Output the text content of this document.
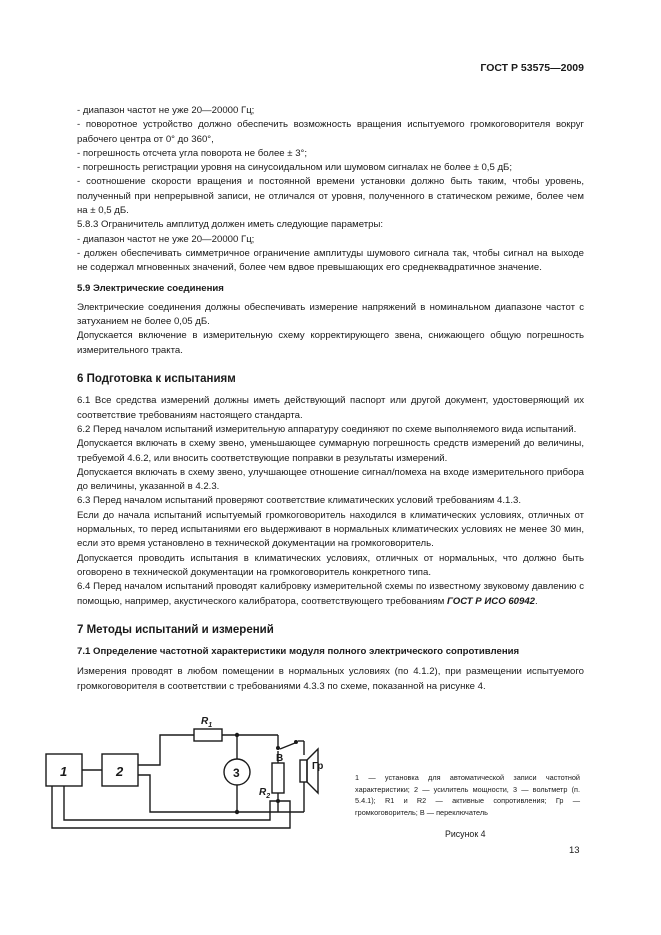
ГОСТ Р 53575—2009

- диапазон частот не уже 20—20000 Гц;

- поворотное устройство должно обеспечить возможность вращения испытуемого громкоговорителя вокруг рабочего центра от 0° до 360°,

- погрешность отсчета угла поворота не более ± 3°;

- погрешность регистрации уровня на синусоидальном или шумовом сигналах не более ± 0,5 дБ;

- соотношение скорости вращения и постоянной времени установки должно быть таким, чтобы уровень, полученный при непрерывной записи, не отличался от уровня, полученного в статическом режиме, более чем на ± 0,5 дБ.

5.8.3 Ограничитель амплитуд должен иметь следующие параметры:

- диапазон частот не уже 20—20000 Гц;

- должен обеспечивать симметричное ограничение амплитуды шумового сигнала так, чтобы сигнал на выходе не содержал мгновенных значений, более чем вдвое превышающих его среднеквадратичное значение.

5.9 Электрические соединения

Электрические соединения должны обеспечивать измерение напряжений в номинальном диапазоне частот с затуханием не более 0,05 дБ.

Допускается включение в измерительную схему корректирующего звена, снижающего общую погрешность измерительного тракта.

6 Подготовка к испытаниям

6.1 Все средства измерений должны иметь действующий паспорт или другой документ, удостоверяющий их соответствие требованиям настоящего стандарта.

6.2 Перед началом испытаний измерительную аппаратуру соединяют по схеме выполняемого вида испытаний.

Допускается включать в схему звено, уменьшающее суммарную погрешность средств измерений до величины, требуемой 4.6.2, или вносить соответствующие поправки в результаты измерений.

Допускается включать в схему звено, улучшающее отношение сигнал/помеха на входе измерительного прибора до величины, указанной в 4.2.3.

6.3 Перед началом испытаний проверяют соответствие климатических условий требованиям 4.1.3.

Если до начала испытаний испытуемый громкоговоритель находился в климатических условиях, отличных от нормальных, то перед испытаниями его выдерживают в нормальных климатических условиях не менее 30 мин, если это время установлено в технической документации на громкоговоритель.

Допускается проводить испытания в климатических условиях, отличных от нормальных, что должно быть оговорено в технической документации на громкоговоритель конкретного типа.

6.4 Перед началом испытаний проводят калибровку измерительной схемы по известному звуковому давлению с помощью, например, акустического калибратора, соответствующего требованиям ГОСТ Р ИСО 60942.

7 Методы испытаний и измерений

7.1 Определение частотной характеристики модуля полного электрического сопротивления

Измерения проводят в любом помещении в нормальных условиях (по 4.1.2), при размещении испытуемого громкоговорителя в соответствии с требованиями 4.3.3 по схеме, показанной на рисунке 4.

1	2	3
$R_1$
$R_2$
В
Гр
1 — установка для автоматической записи частотной характеристики; 2 — усилитель мощности, 3 — вольтметр (п. 5.4.1); R1 и R2 — активные сопротивления; Гр — громкоговоритель; В — переключатель
Рисунок 4
13
